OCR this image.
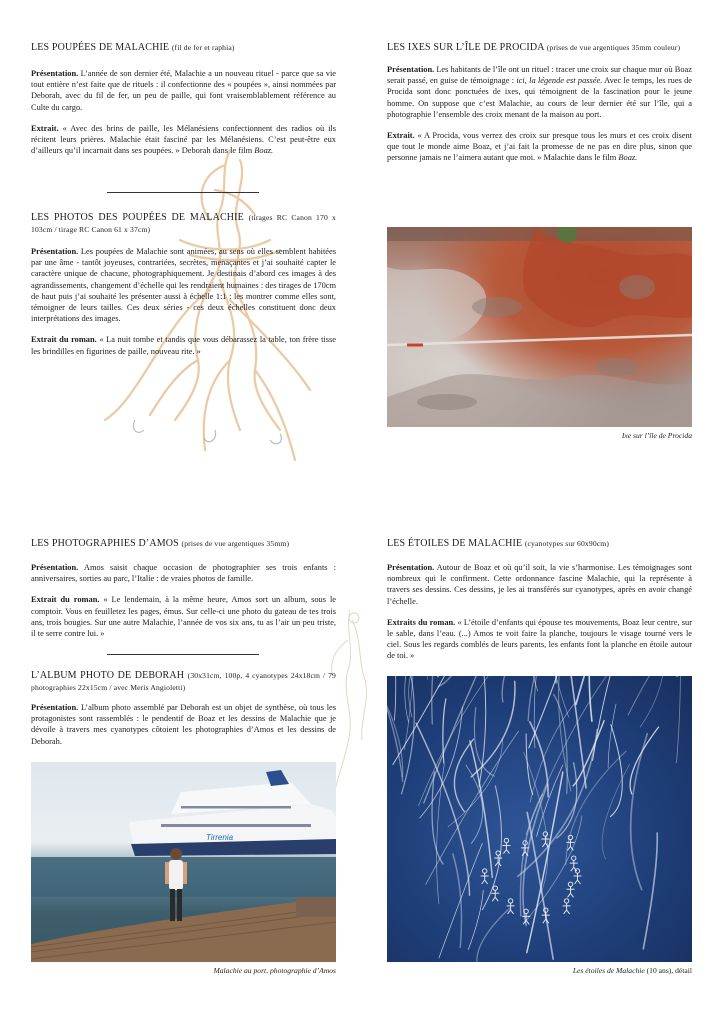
LES POUPÉES DE MALACHIE (fil de fer et raphia)

Présentation. L’année de son dernier été, Malachie a un nouveau rituel - parce que sa vie tout entière n’est faite que de rituels : il confectionne des « poupées », ainsi nommées par Deborah, avec du fil de fer, un peu de paille, qui font vraisemblablement référence au Culte du cargo.

Extrait. « Avec des brins de paille, les Mélanésiens confectionnent des radios où ils récitent leurs prières. Malachie était fasciné par les Mélanésiens. C’est peut-être eux d’ailleurs qu’il incarnait dans ses poupées. » Deborah dans le film Boaz.

LES PHOTOS DES POUPÉES DE MALACHIE (tirages RC Canon 170 x 103cm / tirage RC Canon 61 x 37cm)

Présentation. Les poupées de Malachie sont animées, au sens où elles semblent habitées par une âme - tantôt joyeuses, contrariées, secrètes, menaçantes et j’ai souhaité capter le caractère unique de chacune, photographiquement. Je destinais d’abord ces images à des agrandissements, changement d’échelle qui les rendraient humaines : des tirages de 170cm de haut puis j’ai souhaité les présenter aussi à échelle 1:1 : les montrer comme elles sont, témoigner de leurs tailles. Ces deux séries - ces deux échelles constituent donc deux interprétations des images.

Extrait du roman. « La nuit tombe et tandis que vous débarassez la table, ton frère tisse les brindilles en figurines de paille, nouveau rite. »

LES IXES SUR L’ÎLE DE PROCIDA (prises de vue argentiques 35mm couleur)

Présentation. Les habitants de l’île ont un rituel : tracer une croix sur chaque mur où Boaz serait passé, en guise de témoignage : ici, la légende est passée. Avec le temps, les rues de Procida sont donc ponctuées de ixes, qui témoignent de la fascination pour le jeune homme. On suppose que c’est Malachie, au cours de leur dernier été sur l’île, qui a photographie l’ensemble des croix menant de la maison au port.

Extrait. « A Procida, vous verrez des croix sur presque tous les murs et ces croix disent que tout le monde aime Boaz, et j’ai fait la promesse de ne pas en dire plus, sinon que personne jamais ne l’aimera autant que moi. » Malachie dans le film Boaz.

Ixe sur l’île de Procida
LES PHOTOGRAPHIES D’AMOS (prises de vue argentiques 35mm)

Présentation. Amos saisit chaque occasion de photographier ses trois enfants : anniversaires, sorties au parc, l’Italie : de vraies photos de famille.

Extrait du roman. « Le lendemain, à la même heure, Amos sort un album, sous le comptoir. Vous en feuilletez les pages, émus. Sur celle-ci une photo du gateau de tes trois ans, trois bougies. Sur une autre Malachie, l’année de vos six ans, tu as l’air un peu triste, il te serre contre lui. »

L’ALBUM PHOTO DE DEBORAH (30x31cm, 100p, 4 cyanotypes 24x18cm / 79 photographies 22x15cm / avec Meris Angioletti)

Présentation. L’album photo assemblé par Deborah est un objet de synthèse, où tous les protagonistes sont rassemblés : le pendentif de Boaz et les dessins de Malachie que je dévoile à travers mes cyanotypes côtoient les photographies d’Amos et les dessins de Deborah.

Tirrenia
Malachie au port, photographie d’Amos
LES ÉTOILES DE MALACHIE (cyanotypes sur 60x90cm)

Présentation. Autour de Boaz et où qu’il soit, la vie s’harmonise. Les témoignages sont nombreux qui le confirment. Cette ordonnance fascine Malachie, qui la représente à travers ses dessins. Ces dessins, je les ai transférés sur cyanotypes, après en avoir changé l’échelle.

Extraits du roman. « L’étoile d’enfants qui épouse tes mouvements, Boaz leur centre, sur le sable, dans l’eau. (...) Amos te voit faire la planche, toujours le visage tourné vers le ciel. Sous les regards comblés de leurs parents, les enfants font la planche en étoile autour de toi. »

Les étoiles de Malachie (10 ans), détail
